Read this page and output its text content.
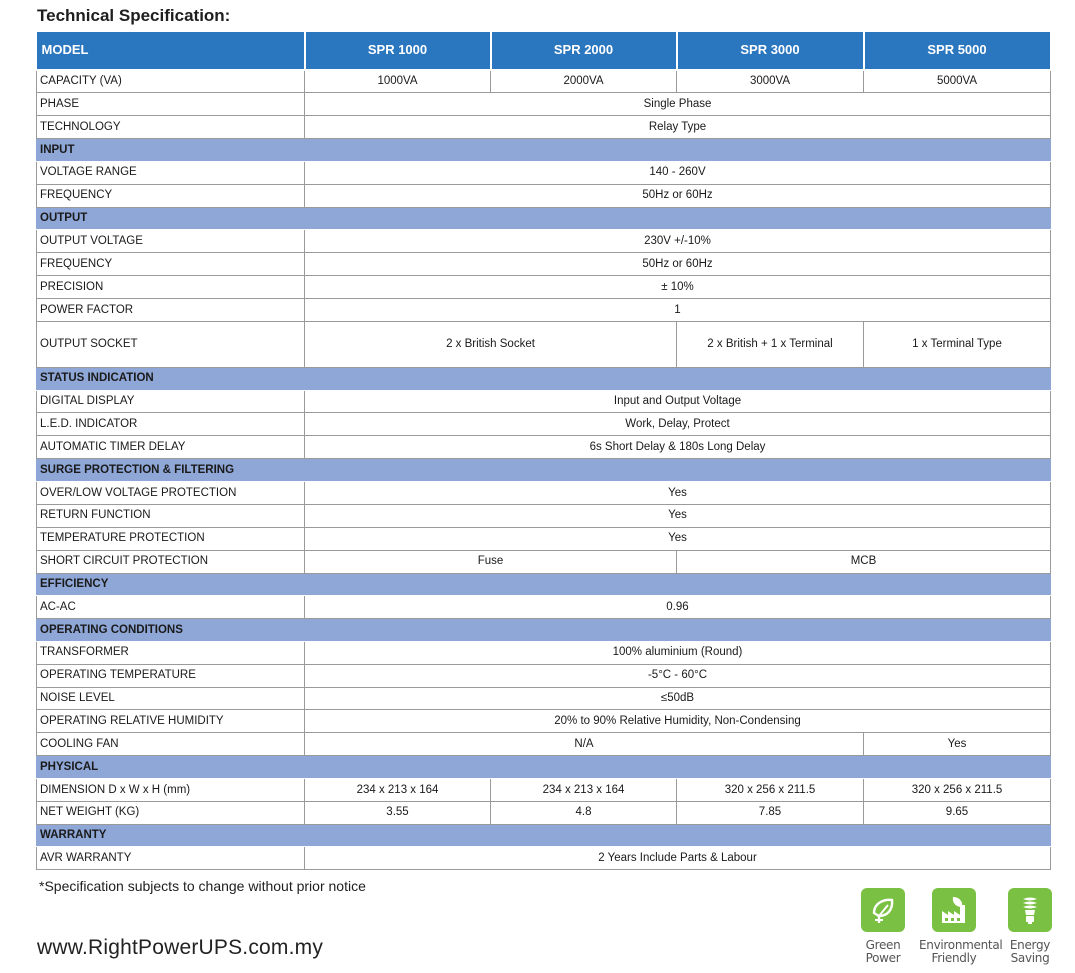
Technical Specification:
MODEL	SPR 1000	SPR 2000	SPR 3000	SPR 5000
CAPACITY (VA)	1000VA	2000VA	3000VA	5000VA
PHASE	Single Phase			
TECHNOLOGY	Relay Type			
INPUT				
VOLTAGE RANGE	140 - 260V			
FREQUENCY	50Hz or 60Hz			
OUTPUT				
OUTPUT VOLTAGE	230V +/-10%			
FREQUENCY	50Hz or 60Hz			
PRECISION	± 10%			
POWER FACTOR	1			
OUTPUT SOCKET	2 x British Socket		2 x British + 1 x Terminal	1 x Terminal Type
STATUS INDICATION				
DIGITAL DISPLAY	Input and Output Voltage			
L.E.D. INDICATOR	Work, Delay, Protect			
AUTOMATIC TIMER DELAY	6s Short Delay & 180s Long Delay			
SURGE PROTECTION & FILTERING				
OVER/LOW VOLTAGE PROTECTION	Yes			
RETURN FUNCTION	Yes			
TEMPERATURE PROTECTION	Yes			
SHORT CIRCUIT PROTECTION	Fuse		MCB	
EFFICIENCY				
AC-AC	0.96			
OPERATING CONDITIONS				
TRANSFORMER	100% aluminium (Round)			
OPERATING TEMPERATURE	-5°C - 60°C			
NOISE LEVEL	≤50dB			
OPERATING RELATIVE HUMIDITY	20% to 90% Relative Humidity, Non-Condensing			
COOLING FAN	N/A			Yes
PHYSICAL				
DIMENSION D x W x H (mm)	234 x 213 x 164	234 x 213 x 164	320 x 256 x 211.5	320 x 256 x 211.5
NET WEIGHT (KG)	3.55	4.8	7.85	9.65
WARRANTY				
AVR WARRANTY	2 Years Include Parts & Labour			
*Specification subjects to change without prior notice
www.RightPowerUPS.com.my	Green
Power
Environmental
Friendly
Energy
Saving
